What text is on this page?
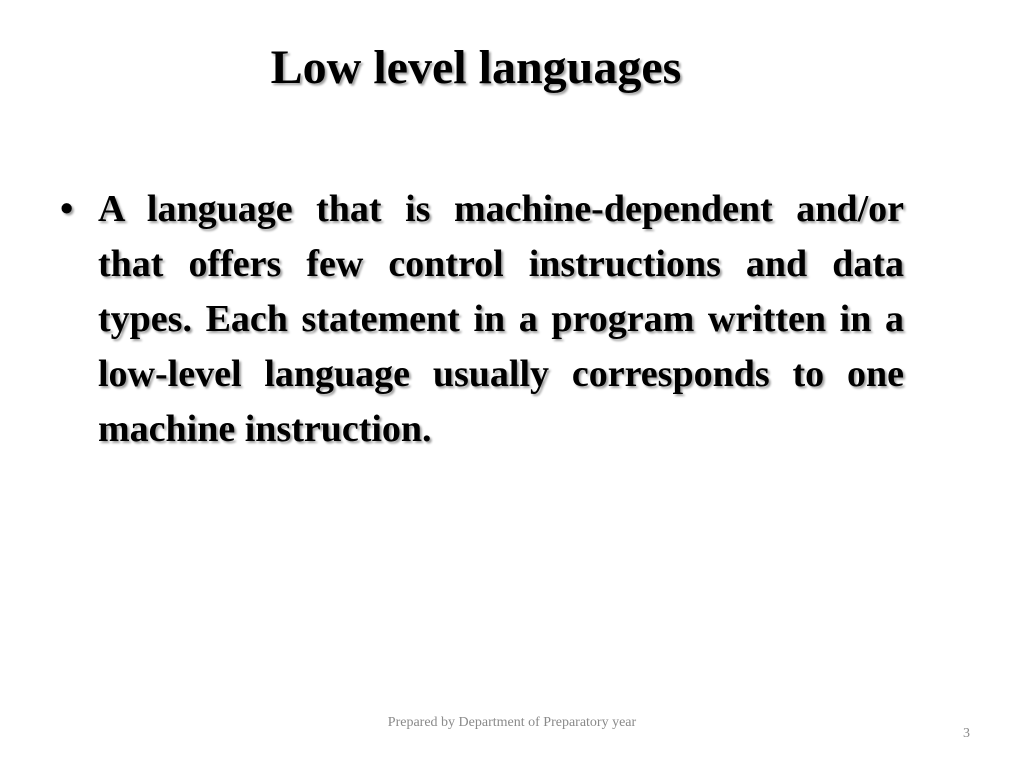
Low level languages
• A language that is machine-dependent and/or that offers few control instructions and data types. Each statement in a program written in a low-level language usually corresponds to one machine instruction.
Prepared by Department of Preparatory year
3
